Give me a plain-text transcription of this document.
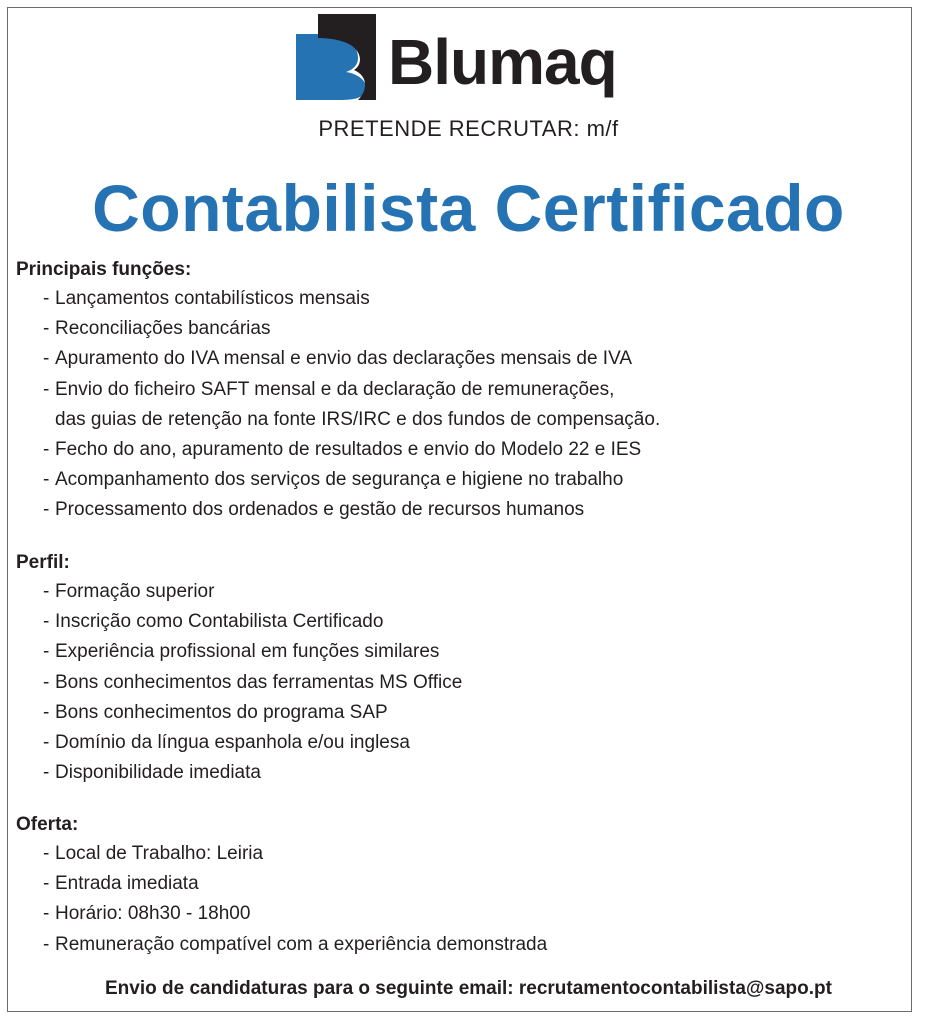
Blumaq
PRETENDE RECRUTAR: m/f
Contabilista Certificado

Principais funções:

- Lançamentos contabilísticos mensais
- Reconciliações bancárias
- Apuramento do IVA mensal e envio das declarações mensais de IVA
- Envio do ficheiro SAFT mensal e da declaração de remunerações,
das guias de retenção na fonte IRS/IRC e dos fundos de compensação.
- Fecho do ano, apuramento de resultados e envio do Modelo 22 e IES
- Acompanhamento dos serviços de segurança e higiene no trabalho
- Processamento dos ordenados e gestão de recursos humanos

Perfil:

- Formação superior
- Inscrição como Contabilista Certificado
- Experiência profissional em funções similares
- Bons conhecimentos das ferramentas MS Office
- Bons conhecimentos do programa SAP
- Domínio da língua espanhola e/ou inglesa
- Disponibilidade imediata

Oferta:

- Local de Trabalho: Leiria
- Entrada imediata
- Horário: 08h30 - 18h00
- Remuneração compatível com a experiência demonstrada
Envio de candidaturas para o seguinte email: recrutamentocontabilista@sapo.pt
